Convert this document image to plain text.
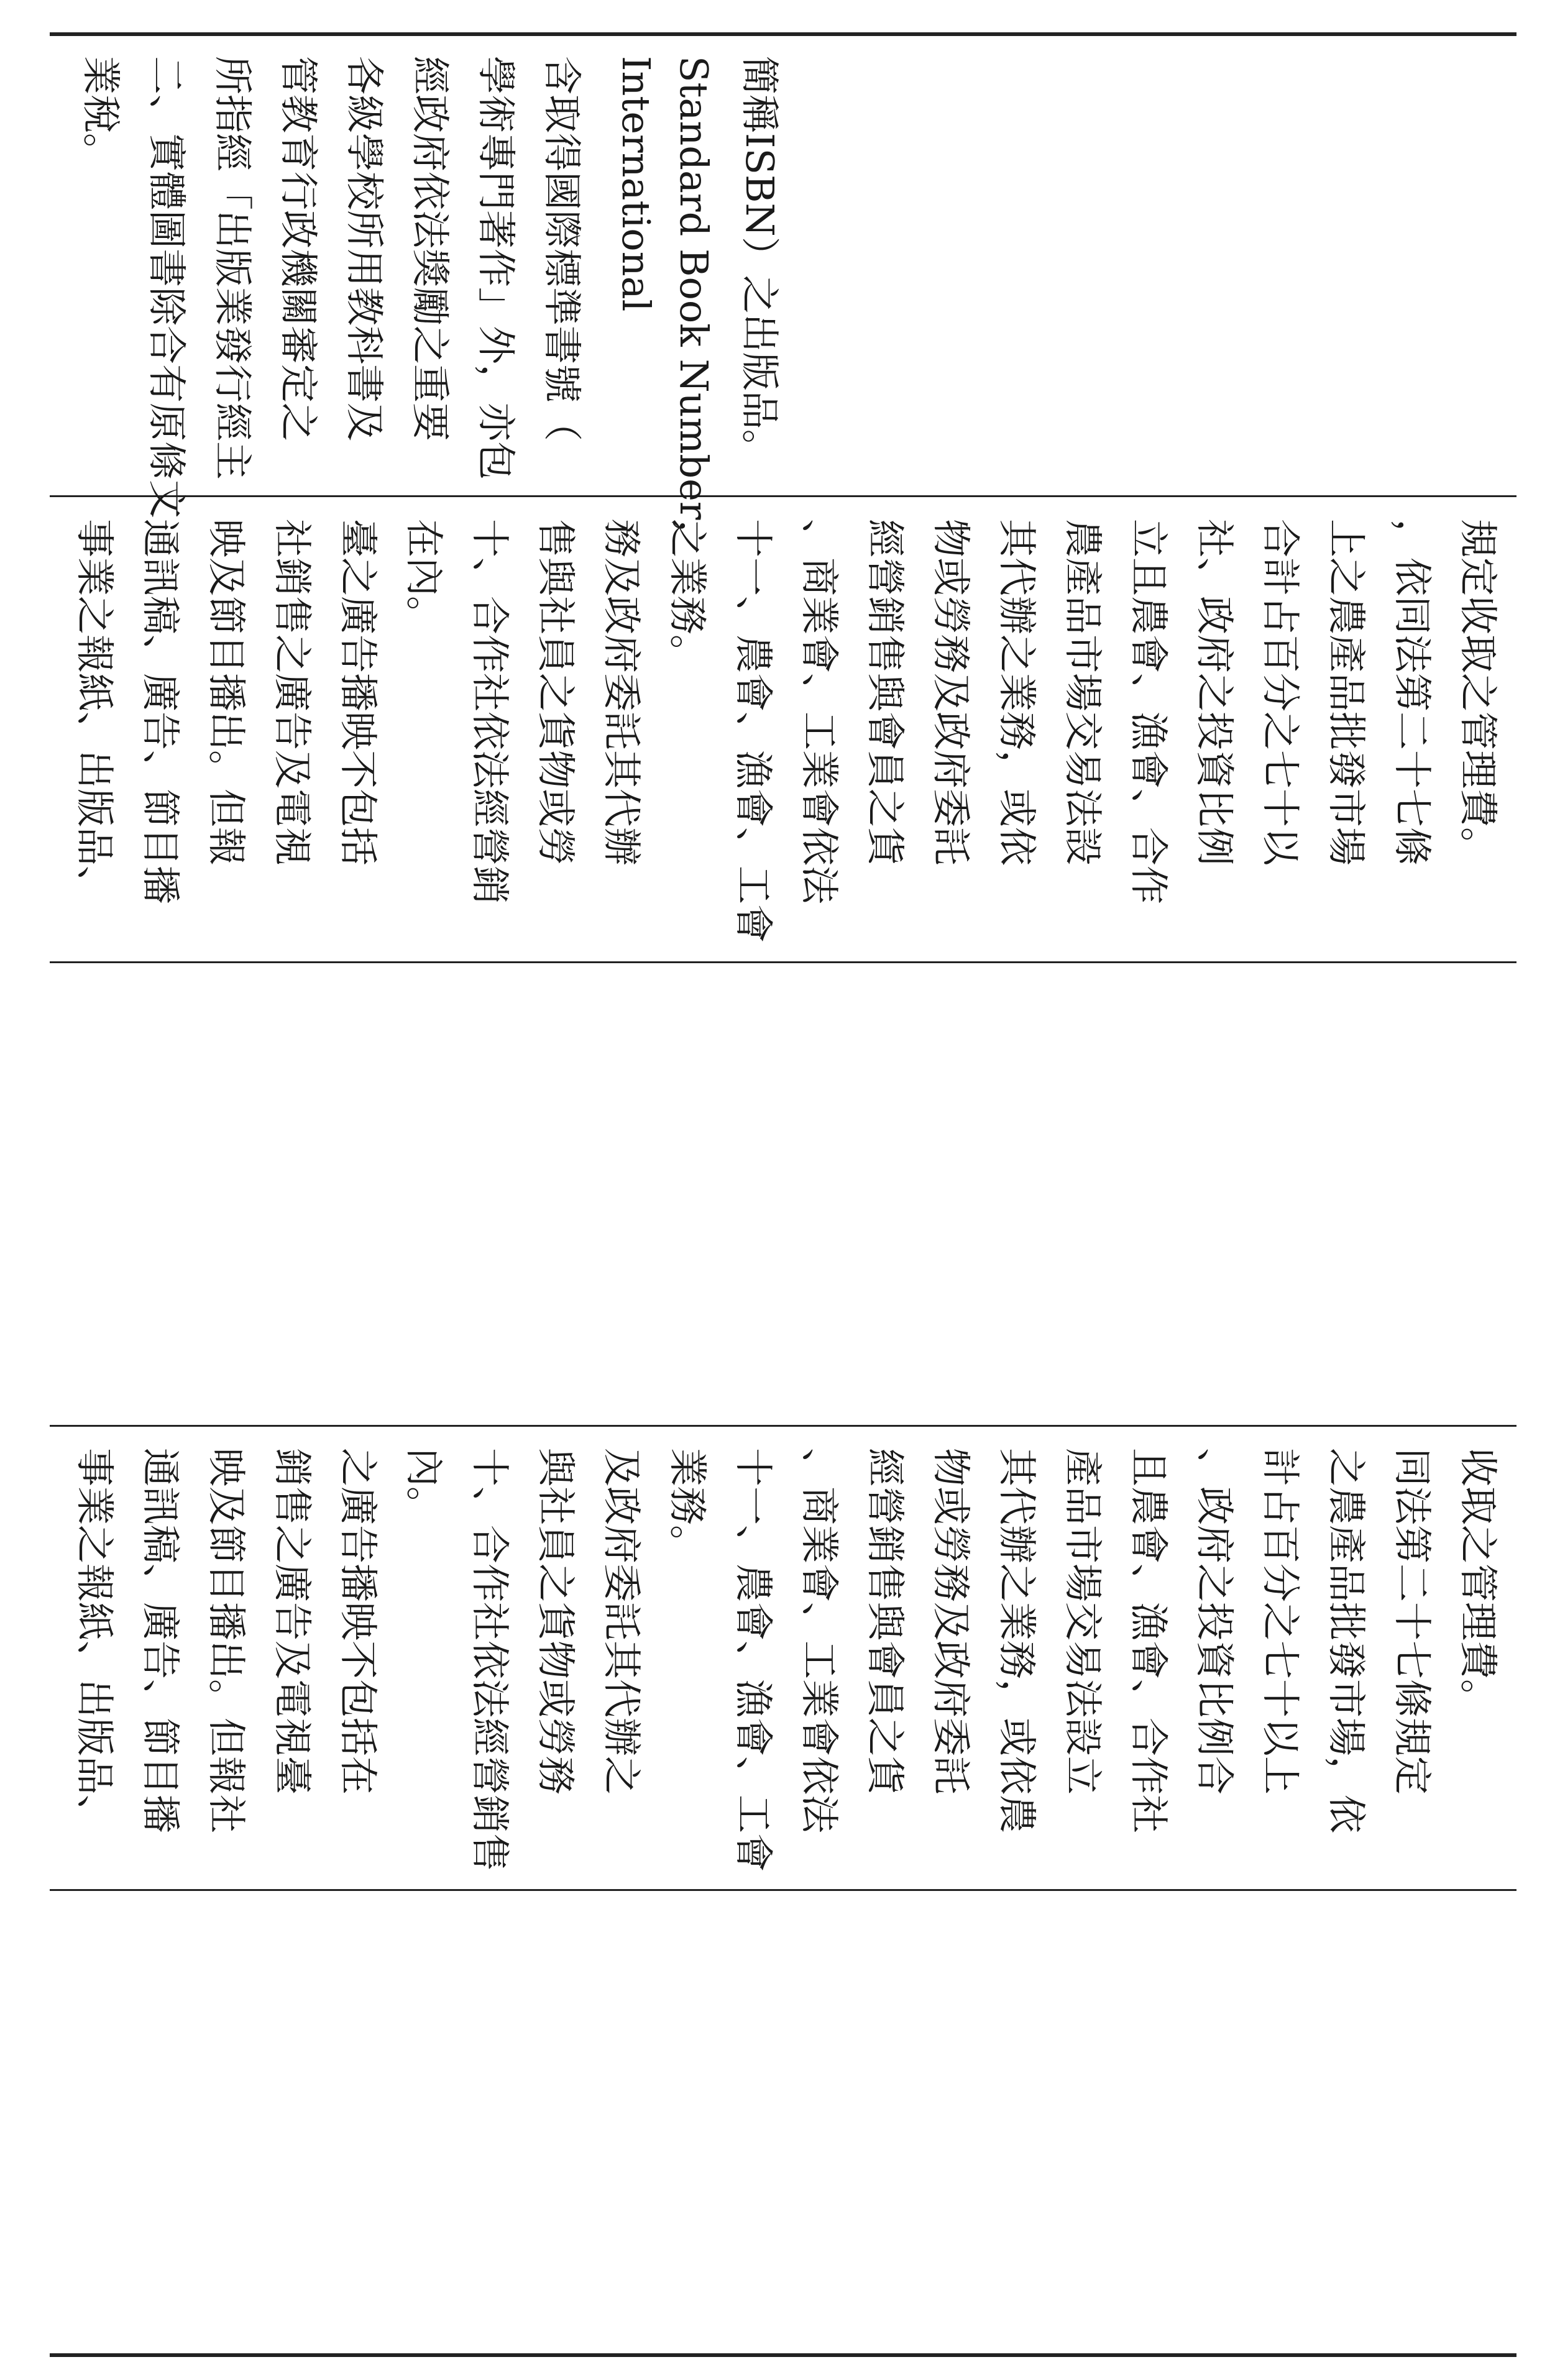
業稅。 二、實體圖書除合有原條文 所指經「出版業發行經主 管教育行政機關審定之 各級學校所用教科書及 經政府依法獎勵之重要 學術專門著作」外，亦包 含取得國際標準書號（ International Standard Book Number， 簡稱ISBN）之出版品。
事業之報紙、出版品、 通訊稿、廣告、節目播 映及節目播出。但報 社銷售之廣告及電視 臺之廣告播映不包括 在內。 十、合作社依法經營銷 售與社員之貨物或勞 務及政府委託其代辦 之業務。 十一、農會、漁會、工會 、商業會、工業會依法 經營銷售與會員之貨 物或勞務及政府委託 其代辦之業務，或依 農產品市場交易法設 立且農會、漁會、合作 社、政府之投資比例 合計占百分之七十以 上之農產品批發市場 ，依同法第二十七條 規定收取之管理費。
事業之報紙、出版品、 通訊稿、廣告、節目播 映及節目播出。但報社 銷售之廣告及電視臺 之廣告播映不包括在 內。 十、合作社依法經營銷售 與社員之貨物或勞務 及政府委託其代辦之 業務。 十一、農會、漁會、工會 、商業會、工業會依法 經營銷售與會員之貨 物或勞務及政府委託 其代辦之業務，或依農 產品市場交易法設立 且農會、漁會、合作社 、政府之投資比例合 計占百分之七十以上 之農產品批發市場，依 同法第二十七條規定 收取之管理費。
